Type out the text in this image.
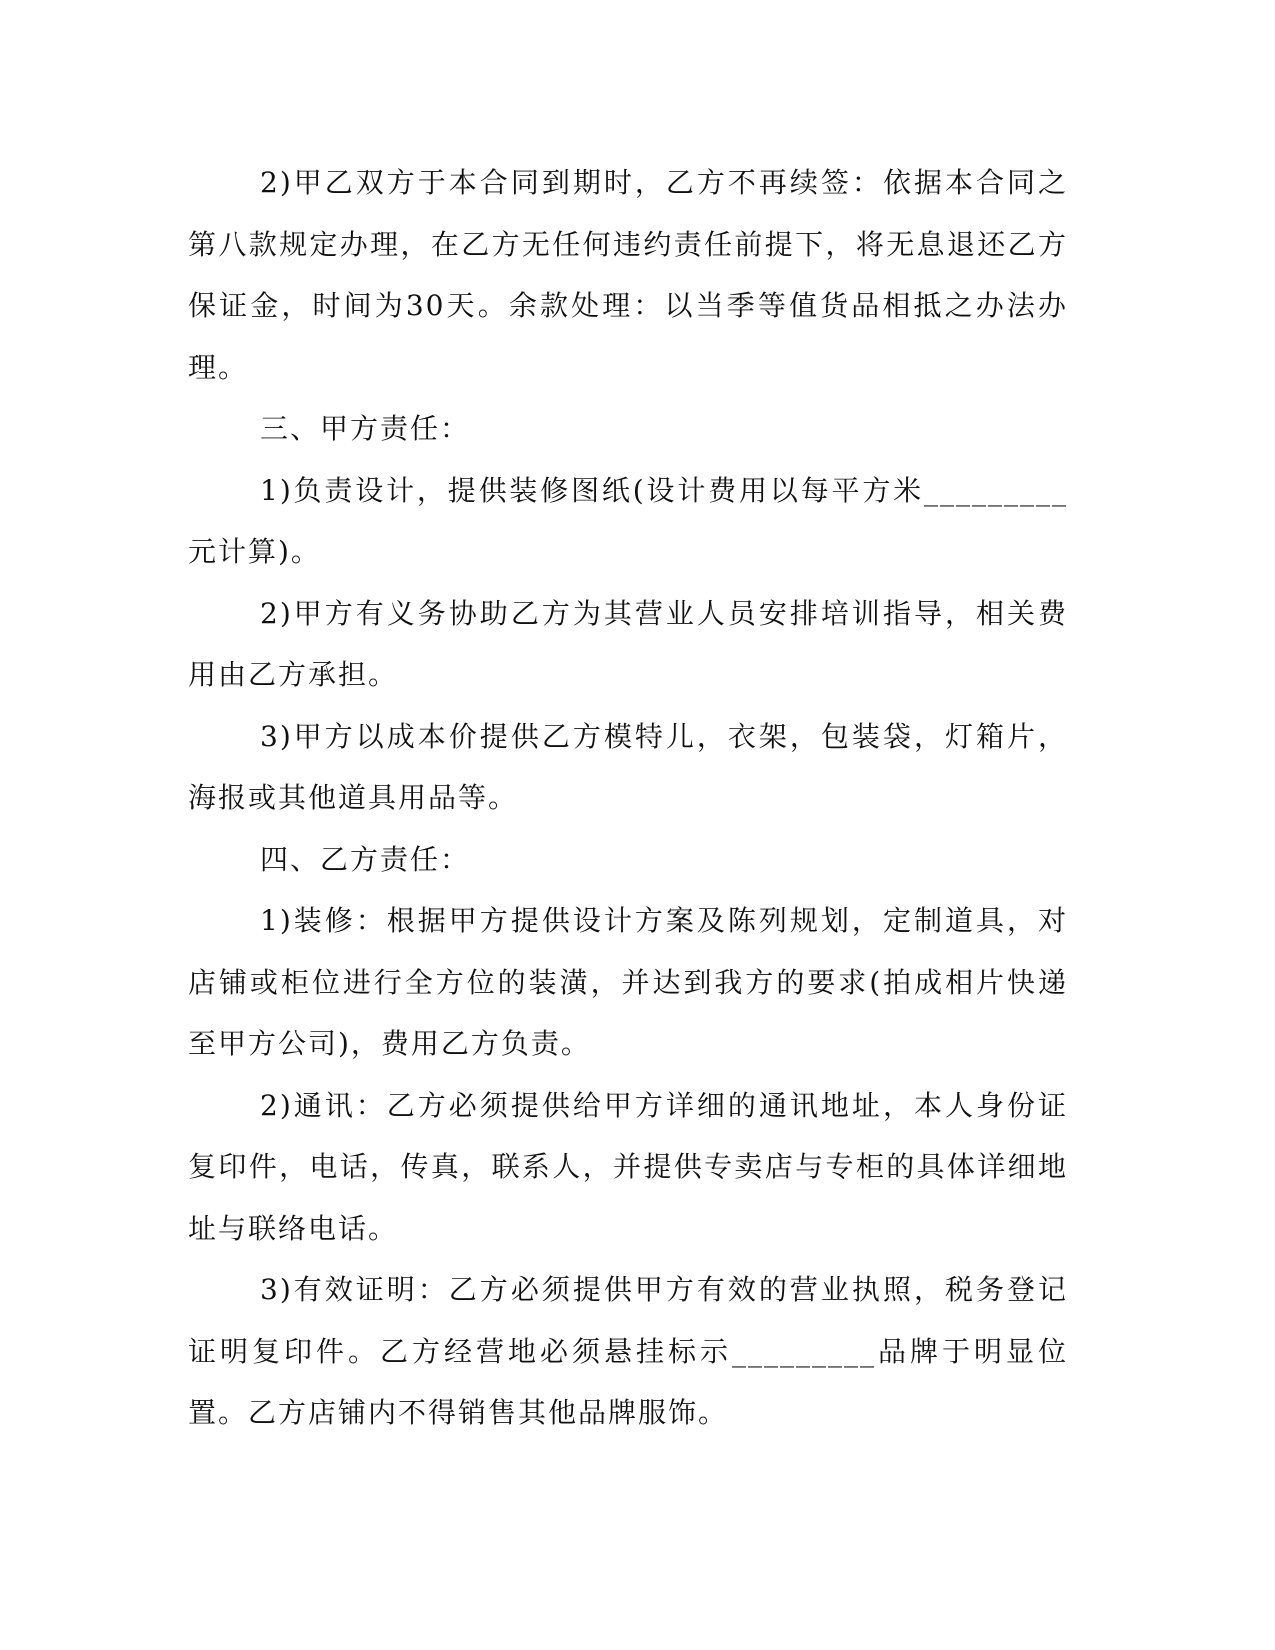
2)甲乙双方于本合同到期时，乙方不再续签：依据本合同之第八款规定办理，在乙方无任何违约责任前提下，将无息退还乙方保证金，时间为30天。余款处理：以当季等值货品相抵之办法办理。

三、甲方责任：

1)负责设计，提供装修图纸(设计费用以每平方米_________元计算)。

2)甲方有义务协助乙方为其营业人员安排培训指导，相关费用由乙方承担。

3)甲方以成本价提供乙方模特儿，衣架，包装袋，灯箱片，海报或其他道具用品等。

四、乙方责任：

1)装修：根据甲方提供设计方案及陈列规划，定制道具，对店铺或柜位进行全方位的装潢，并达到我方的要求(拍成相片快递至甲方公司)，费用乙方负责。

2)通讯：乙方必须提供给甲方详细的通讯地址，本人身份证复印件，电话，传真，联系人，并提供专卖店与专柜的具体详细地址与联络电话。

3)有效证明：乙方必须提供甲方有效的营业执照，税务登记证明复印件。乙方经营地必须悬挂标示_________品牌于明显位置。乙方店铺内不得销售其他品牌服饰。
